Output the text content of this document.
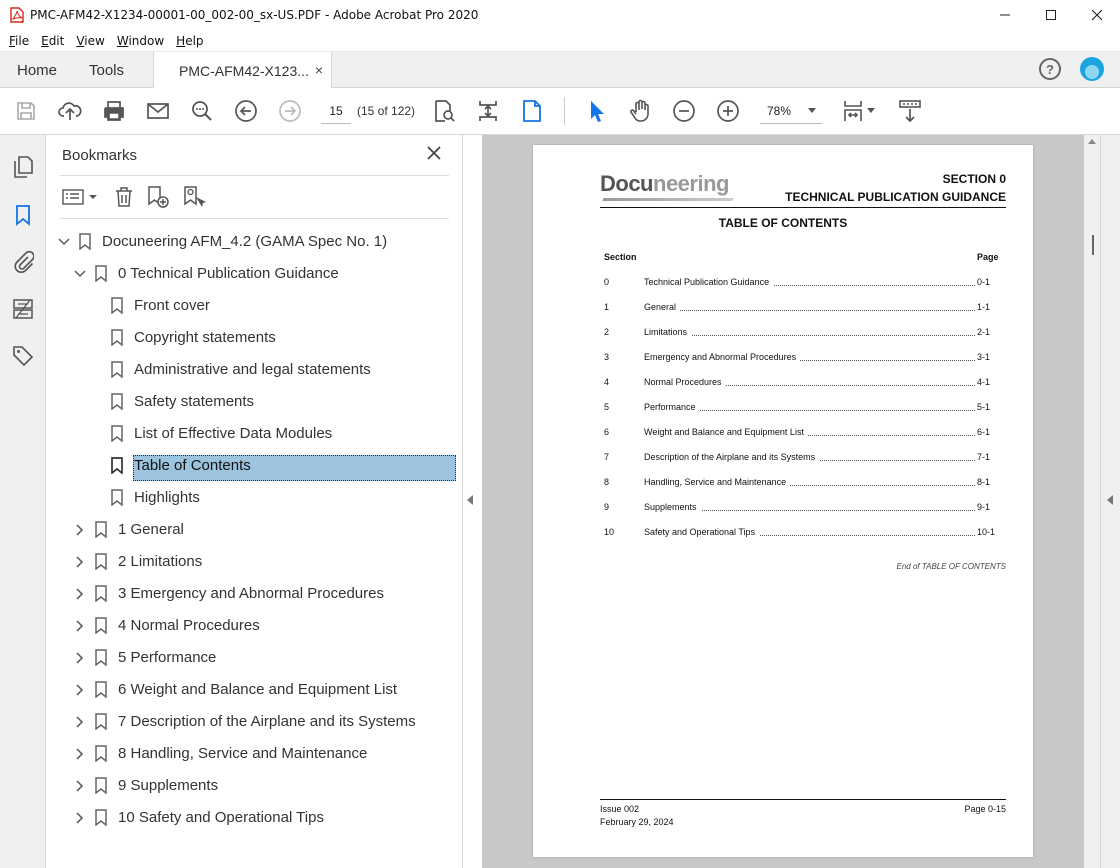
PMC-AFM42-X1234-00001-00_002-00_sx-US.PDF - Adobe Acrobat Pro 2020
File Edit View Window Help
Home Tools	PMC-AFM42-X123... ×	?
15	(15 of 122)	78%
Bookmarks
Docuneering AFM_4.2 (GAMA Spec No. 1)
0 Technical Publication Guidance
Front cover
Copyright statements
Administrative and legal statements
Safety statements
List of Effective Data Modules
Table of Contents
Highlights
1 General
2 Limitations
3 Emergency and Abnormal Procedures
4 Normal Procedures
5 Performance
6 Weight and Balance and Equipment List
7 Description of the Airplane and its Systems
8 Handling, Service and Maintenance
9 Supplements
10 Safety and Operational Tips
Docuneering	SECTION 0
TECHNICAL PUBLICATION GUIDANCE
TABLE OF CONTENTS
Section	Page
0	Technical Publication Guidance	0-1
1	General	1-1
2	Limitations	2-1
3	Emergency and Abnormal Procedures	3-1
4	Normal Procedures	4-1
5	Performance	5-1
6	Weight and Balance and Equipment List	6-1
7	Description of the Airplane and its Systems	7-1
8	Handling, Service and Maintenance	8-1
9	Supplements	9-1
10	Safety and Operational Tips	10-1
End of TABLE OF CONTENTS
Issue 002
February 29, 2024
Page 0-15
